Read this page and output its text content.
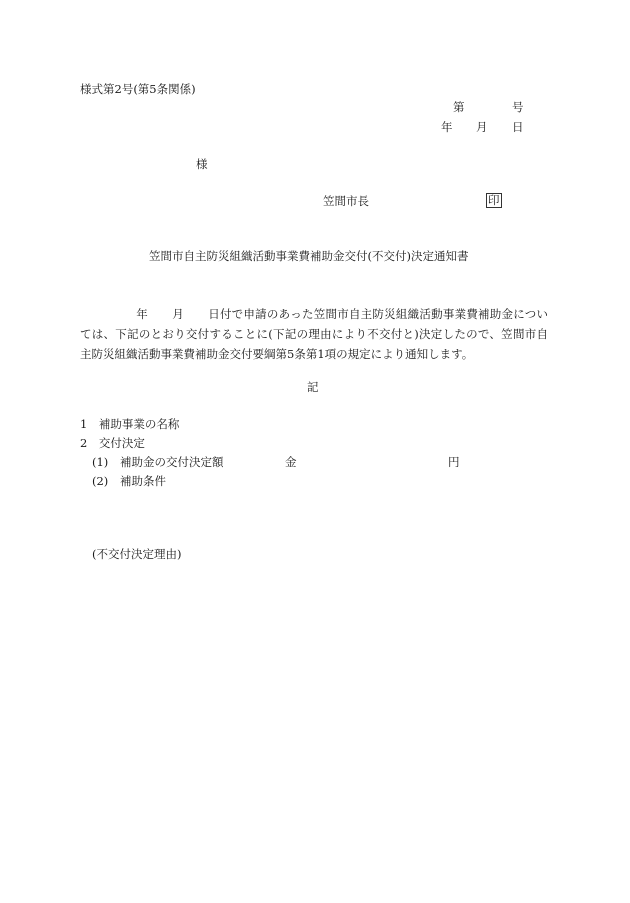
様式第2号(第5条関係)
第	号
年 月 日
様
笠間市長	印
笠間市自主防災組織活動事業費補助金交付(不交付)決定通知書
年 月 日付で申請のあった笠間市自主防災組織活動事業費補助金については、下記のとおり交付することに(下記の理由により不交付と)決定したので、笠間市自主防災組織活動事業費補助金交付要綱第5条第1項の規定により通知します。
記
1　補助事業の名称
2　交付決定
(1) 補助金の交付決定額	金	円
(2) 補助条件
(不交付決定理由)
